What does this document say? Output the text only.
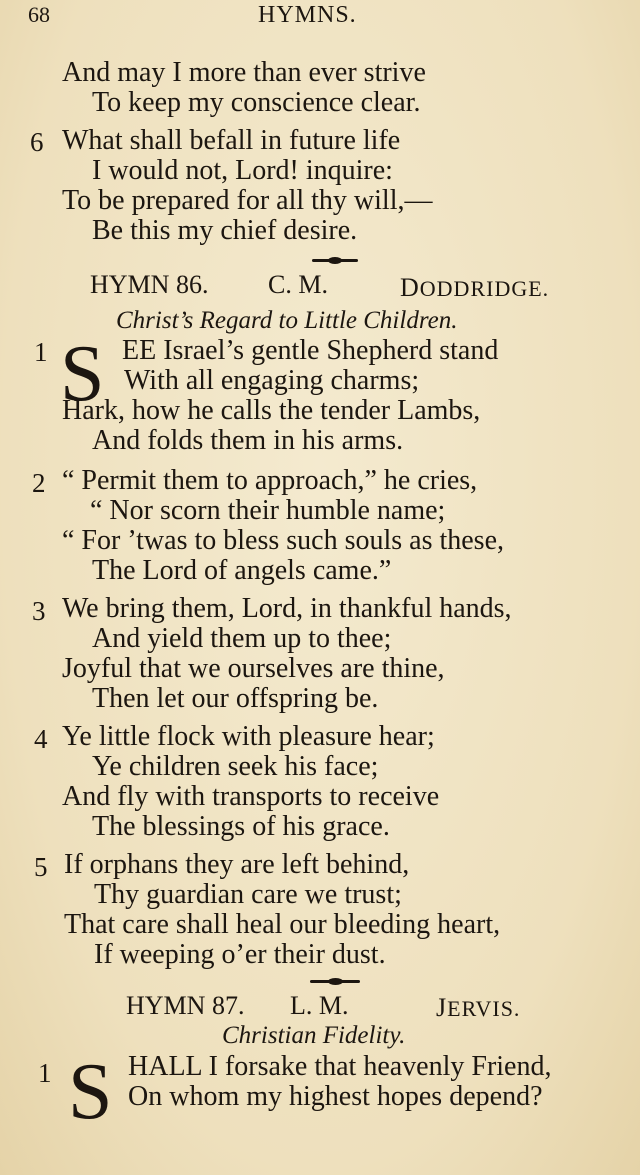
68	HYMNS.
And may I more than ever strive
To keep my conscience clear.
6 What shall befall in future life
I would not, Lord! inquire:
To be prepared for all thy will,—
Be this my chief desire.
HYMN 86. C. M.	DODDRIDGE.
Christ’s Regard to Little Children.
1 S EE Israel’s gentle Shepherd stand
With all engaging charms;
Hark, how he calls the tender Lambs,
And folds them in his arms.
2 “ Permit them to approach,” he cries,
“ Nor scorn their humble name;
“ For ’twas to bless such souls as these,
The Lord of angels came.”
3 We bring them, Lord, in thankful hands,
And yield them up to thee;
Joyful that we ourselves are thine,
Then let our offspring be.
4 Ye little flock with pleasure hear;
Ye children seek his face;
And fly with transports to receive
The blessings of his grace.
5 If orphans they are left behind,
Thy guardian care we trust;
That care shall heal our bleeding heart,
If weeping o’er their dust.
HYMN 87. L. M.	JERVIS.
Christian Fidelity.
1 S HALL I forsake that heavenly Friend,
On whom my highest hopes depend?
